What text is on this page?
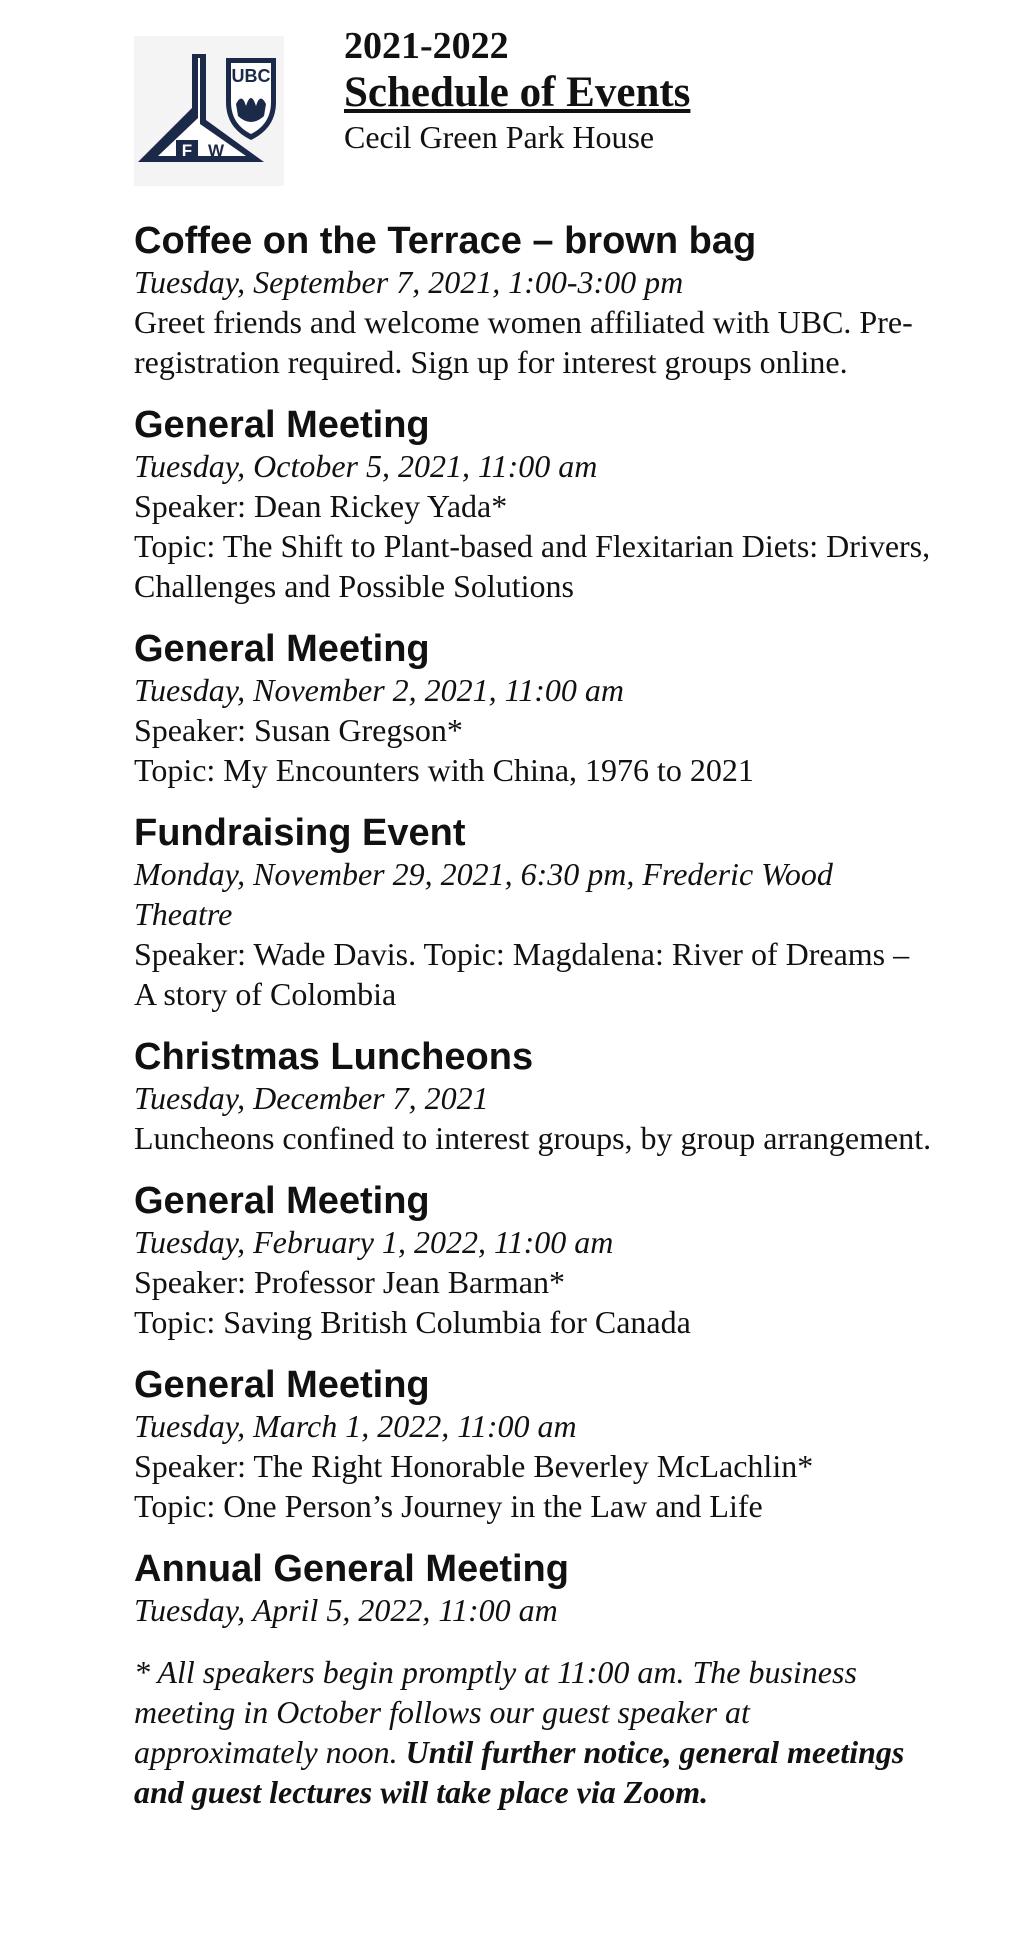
UBC
F W
2021-2022
Schedule of Events
Cecil Green Park House
Coffee on the Terrace – brown bag
Tuesday, September 7, 2021, 1:00-3:00 pm
Greet friends and welcome women affiliated with UBC. Pre-registration required. Sign up for interest groups online.
General Meeting
Tuesday, October 5, 2021, 11:00 am
Speaker: Dean Rickey Yada*
Topic: The Shift to Plant-based and Flexitarian Diets: Drivers, Challenges and Possible Solutions
General Meeting
Tuesday, November 2, 2021, 11:00 am
Speaker: Susan Gregson*
Topic: My Encounters with China, 1976 to 2021
Fundraising Event
Monday, November 29, 2021, 6:30 pm, Frederic Wood Theatre
Speaker: Wade Davis. Topic: Magdalena: River of Dreams – A story of Colombia
Christmas Luncheons
Tuesday, December 7, 2021
Luncheons confined to interest groups, by group arrangement.
General Meeting
Tuesday, February 1, 2022, 11:00 am
Speaker: Professor Jean Barman*
Topic: Saving British Columbia for Canada
General Meeting
Tuesday, March 1, 2022, 11:00 am
Speaker: The Right Honorable Beverley McLachlin*
Topic: One Person’s Journey in the Law and Life
Annual General Meeting
Tuesday, April 5, 2022, 11:00 am
* All speakers begin promptly at 11:00 am. The business meeting in October follows our guest speaker at approximately noon. Until further notice, general meetings and guest lectures will take place via Zoom.
